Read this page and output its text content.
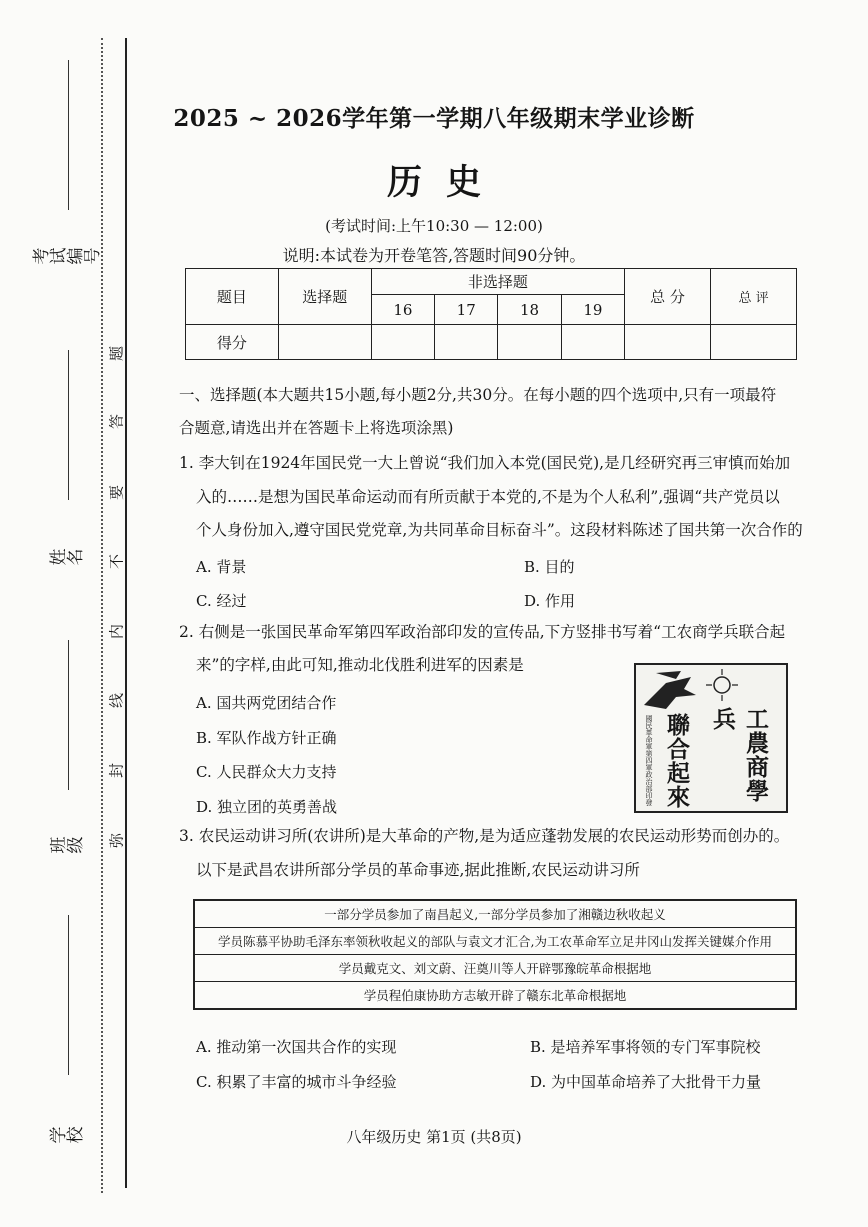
考试编号
姓 名
班 级
学 校
题
答
要
不
内
线
封
弥
2025 ~ 2026学年第一学期八年级期末学业诊断
历史
(考试时间:上午10:30 — 12:00)
说明:本试卷为开卷笔答,答题时间90分钟。
题目	选择题	非选择题				总 分	总 评
		16	17	18	19		
得分							
一、选择题(本大题共15小题,每小题2分,共30分。在每小题的四个选项中,只有一项最符
合题意,请选出并在答题卡上将选项涂黑)
1. 李大钊在1924年国民党一大上曾说“我们加入本党(国民党),是几经研究再三审慎而始加
入的……是想为国民革命运动而有所贡献于本党的,不是为个人私利”,强调“共产党员以
个人身份加入,遵守国民党党章,为共同革命目标奋斗”。这段材料陈述了国共第一次合作的
A. 背景	B. 目的
C. 经过	D. 作用
2. 右侧是一张国民革命军第四军政治部印发的宣传品,下方竖排书写着“工农商学兵联合起
来”的字样,由此可知,推动北伐胜利进军的因素是
A. 国共两党团结合作
B. 军队作战方针正确
C. 人民群众大力支持
D. 独立团的英勇善战
國民革命軍第四軍政治部印發 聯合起來	工農商學兵
3. 农民运动讲习所(农讲所)是大革命的产物,是为适应蓬勃发展的农民运动形势而创办的。
以下是武昌农讲所部分学员的革命事迹,据此推断,农民运动讲习所
一部分学员参加了南昌起义,一部分学员参加了湘赣边秋收起义
学员陈慕平协助毛泽东率领秋收起义的部队与袁文才汇合,为工农革命军立足井冈山发挥关键媒介作用
学员戴克文、刘文蔚、汪奠川等人开辟鄂豫皖革命根据地
学员程伯康协助方志敏开辟了赣东北革命根据地
A. 推动第一次国共合作的实现	B. 是培养军事将领的专门军事院校
C. 积累了丰富的城市斗争经验	D. 为中国革命培养了大批骨干力量
八年级历史 第1页 (共8页)
